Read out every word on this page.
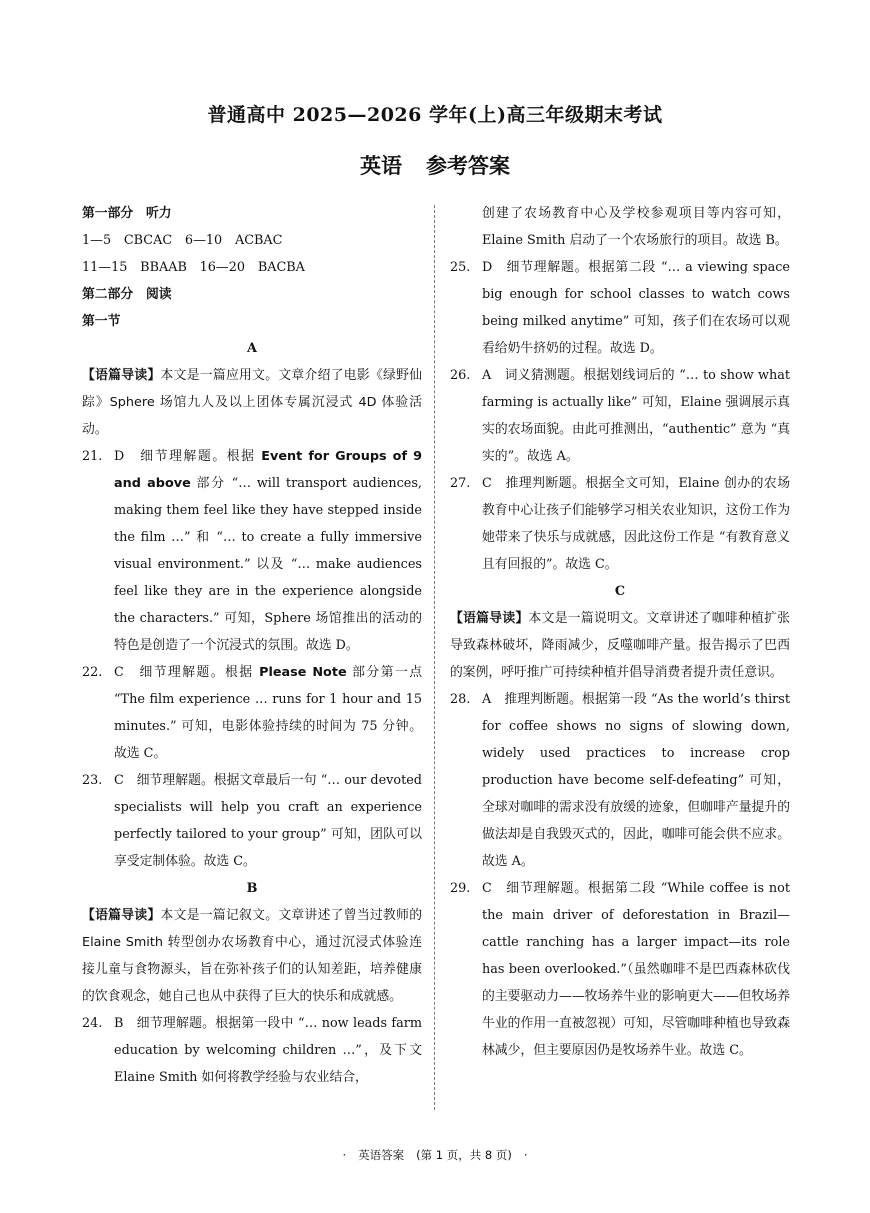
普通高中 2025—2026 学年(上)高三年级期末考试
英语 参考答案
第一部分　听力
1—5　CBCAC　6—10　ACBAC
11—15　BBAAB　16—20　BACBA
第二部分　阅读
第一节
A
【语篇导读】本文是一篇应用文。文章介绍了电影《绿野仙踪》Sphere 场馆九人及以上团体专属沉浸式 4D 体验活动。
21. D　细节理解题。根据 Event for Groups of 9 and above 部分 “… will transport audiences, making them feel like they have stepped inside the film …” 和 “… to create a fully immersive visual environment.” 以及 “… make audiences feel like they are in the experience alongside the characters.” 可知，Sphere 场馆推出的活动的特色是创造了一个沉浸式的氛围。故选 D。
22. C　细节理解题。根据 Please Note 部分第一点 “The film experience … runs for 1 hour and 15 minutes.” 可知，电影体验持续的时间为 75 分钟。故选 C。
23. C　细节理解题。根据文章最后一句 “… our devoted specialists will help you craft an experience perfectly tailored to your group” 可知，团队可以享受定制体验。故选 C。
B
【语篇导读】本文是一篇记叙文。文章讲述了曾当过教师的 Elaine Smith 转型创办农场教育中心，通过沉浸式体验连接儿童与食物源头，旨在弥补孩子们的认知差距，培养健康的饮食观念，她自己也从中获得了巨大的快乐和成就感。
24. B　细节理解题。根据第一段中 “… now leads farm education by welcoming children …”，及下文 Elaine Smith 如何将教学经验与农业结合，
创建了农场教育中心及学校参观项目等内容可知，Elaine Smith 启动了一个农场旅行的项目。故选 B。
25. D　细节理解题。根据第二段 “… a viewing space big enough for school classes to watch cows being milked anytime” 可知，孩子们在农场可以观看给奶牛挤奶的过程。故选 D。
26. A　词义猜测题。根据划线词后的 “… to show what farming is actually like” 可知，Elaine 强调展示真实的农场面貌。由此可推测出，“authentic” 意为 “真实的”。故选 A。
27. C　推理判断题。根据全文可知，Elaine 创办的农场教育中心让孩子们能够学习相关农业知识，这份工作为她带来了快乐与成就感，因此这份工作是 “有教育意义且有回报的”。故选 C。
C
【语篇导读】本文是一篇说明文。文章讲述了咖啡种植扩张导致森林破坏，降雨减少，反噬咖啡产量。报告揭示了巴西的案例，呼吁推广可持续种植并倡导消费者提升责任意识。
28. A　推理判断题。根据第一段 “As the world’s thirst for coffee shows no signs of slowing down, widely used practices to increase crop production have become self-defeating” 可知，全球对咖啡的需求没有放缓的迹象，但咖啡产量提升的做法却是自我毁灭式的，因此，咖啡可能会供不应求。故选 A。
29. C　细节理解题。根据第二段 “While coffee is not the main driver of deforestation in Brazil—cattle ranching has a larger impact—its role has been overlooked.”（虽然咖啡不是巴西森林砍伐的主要驱动力——牧场养牛业的影响更大——但牧场养牛业的作用一直被忽视）可知，尽管咖啡种植也导致森林减少，但主要原因仍是牧场养牛业。故选 C。
· 英语答案 (第 1 页，共 8 页) ·
